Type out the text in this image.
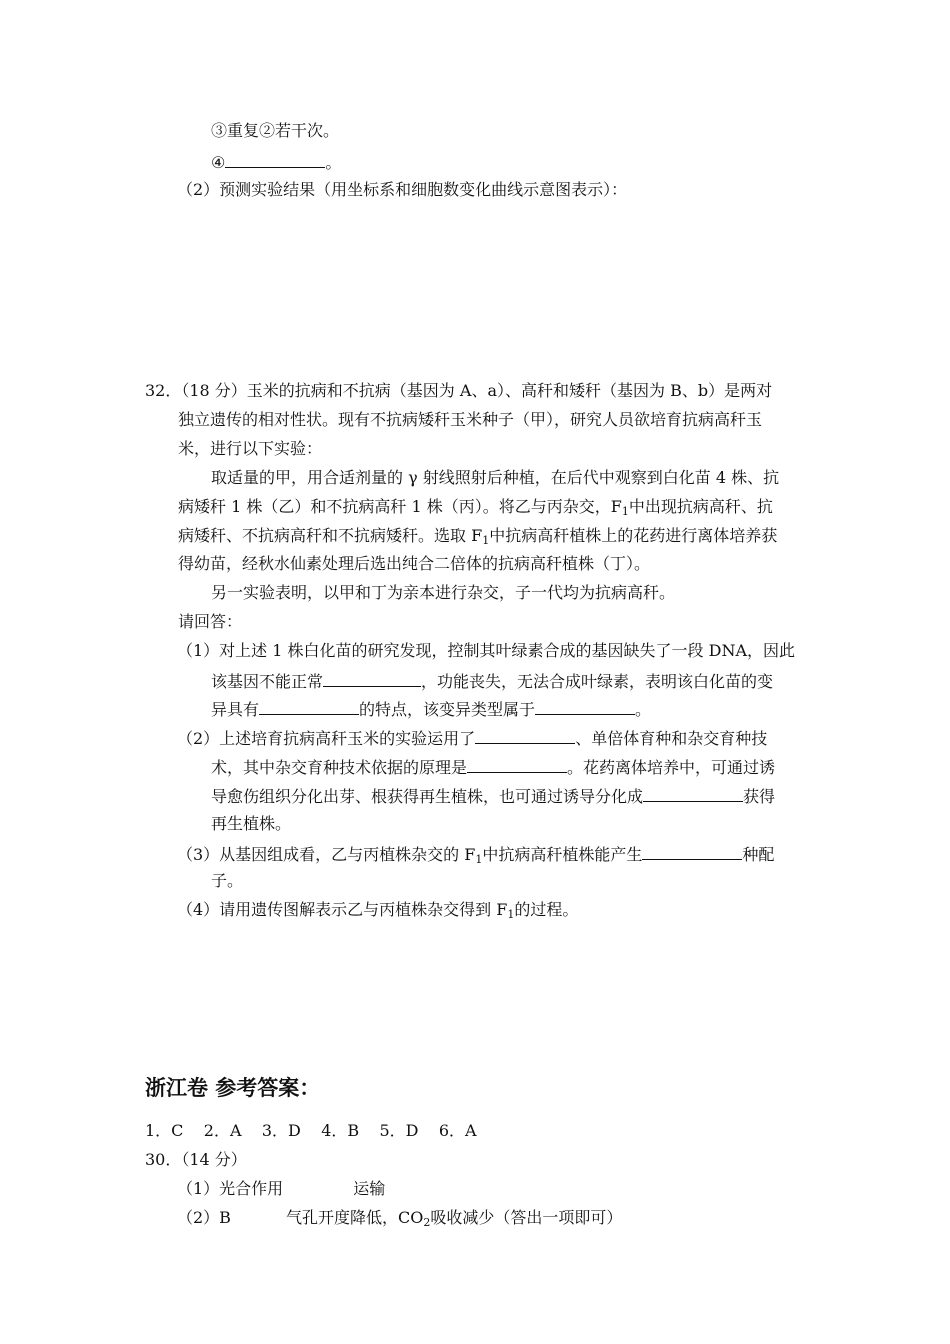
③重复②若干次。
④	。
（2）预测实验结果（用坐标系和细胞数变化曲线示意图表示）：
32．（18 分）玉米的抗病和不抗病（基因为 A、a）、高秆和矮秆（基因为 B、b）是两对
独立遗传的相对性状。现有不抗病矮秆玉米种子（甲），研究人员欲培育抗病高秆玉
米，进行以下实验：
取适量的甲，用合适剂量的 γ 射线照射后种植，在后代中观察到白化苗 4 株、抗
病矮秆 1 株（乙）和不抗病高秆 1 株（丙）。将乙与丙杂交，$F_1$中出现抗病高秆、抗
病矮秆、不抗病高秆和不抗病矮秆。选取 $F_1$中抗病高秆植株上的花药进行离体培养获
得幼苗，经秋水仙素处理后选出纯合二倍体的抗病高秆植株（丁）。
另一实验表明，以甲和丁为亲本进行杂交，子一代均为抗病高秆。
请回答：
（1）对上述 1 株白化苗的研究发现，控制其叶绿素合成的基因缺失了一段 DNA，因此
该基因不能正常	，功能丧失，无法合成叶绿素，表明该白化苗的变
异具有	的特点，该变异类型属于	。
（2）上述培育抗病高秆玉米的实验运用了	、单倍体育种和杂交育种技
术，其中杂交育种技术依据的原理是	。花药离体培养中，可通过诱
导愈伤组织分化出芽、根获得再生植株，也可通过诱导分化成	获得
再生植株。
（3）从基因组成看，乙与丙植株杂交的 $F_1$中抗病高秆植株能产生	种配
子。
（4）请用遗传图解表示乙与丙植株杂交得到 $F_1$的过程。
浙江卷 参考答案：
1．C    2．A    3．D    4．B    5．D    6．A
30．（14 分）
（1）光合作用	运输
（2）B	气孔开度降低，$CO_2$吸收减少（答出一项即可）
